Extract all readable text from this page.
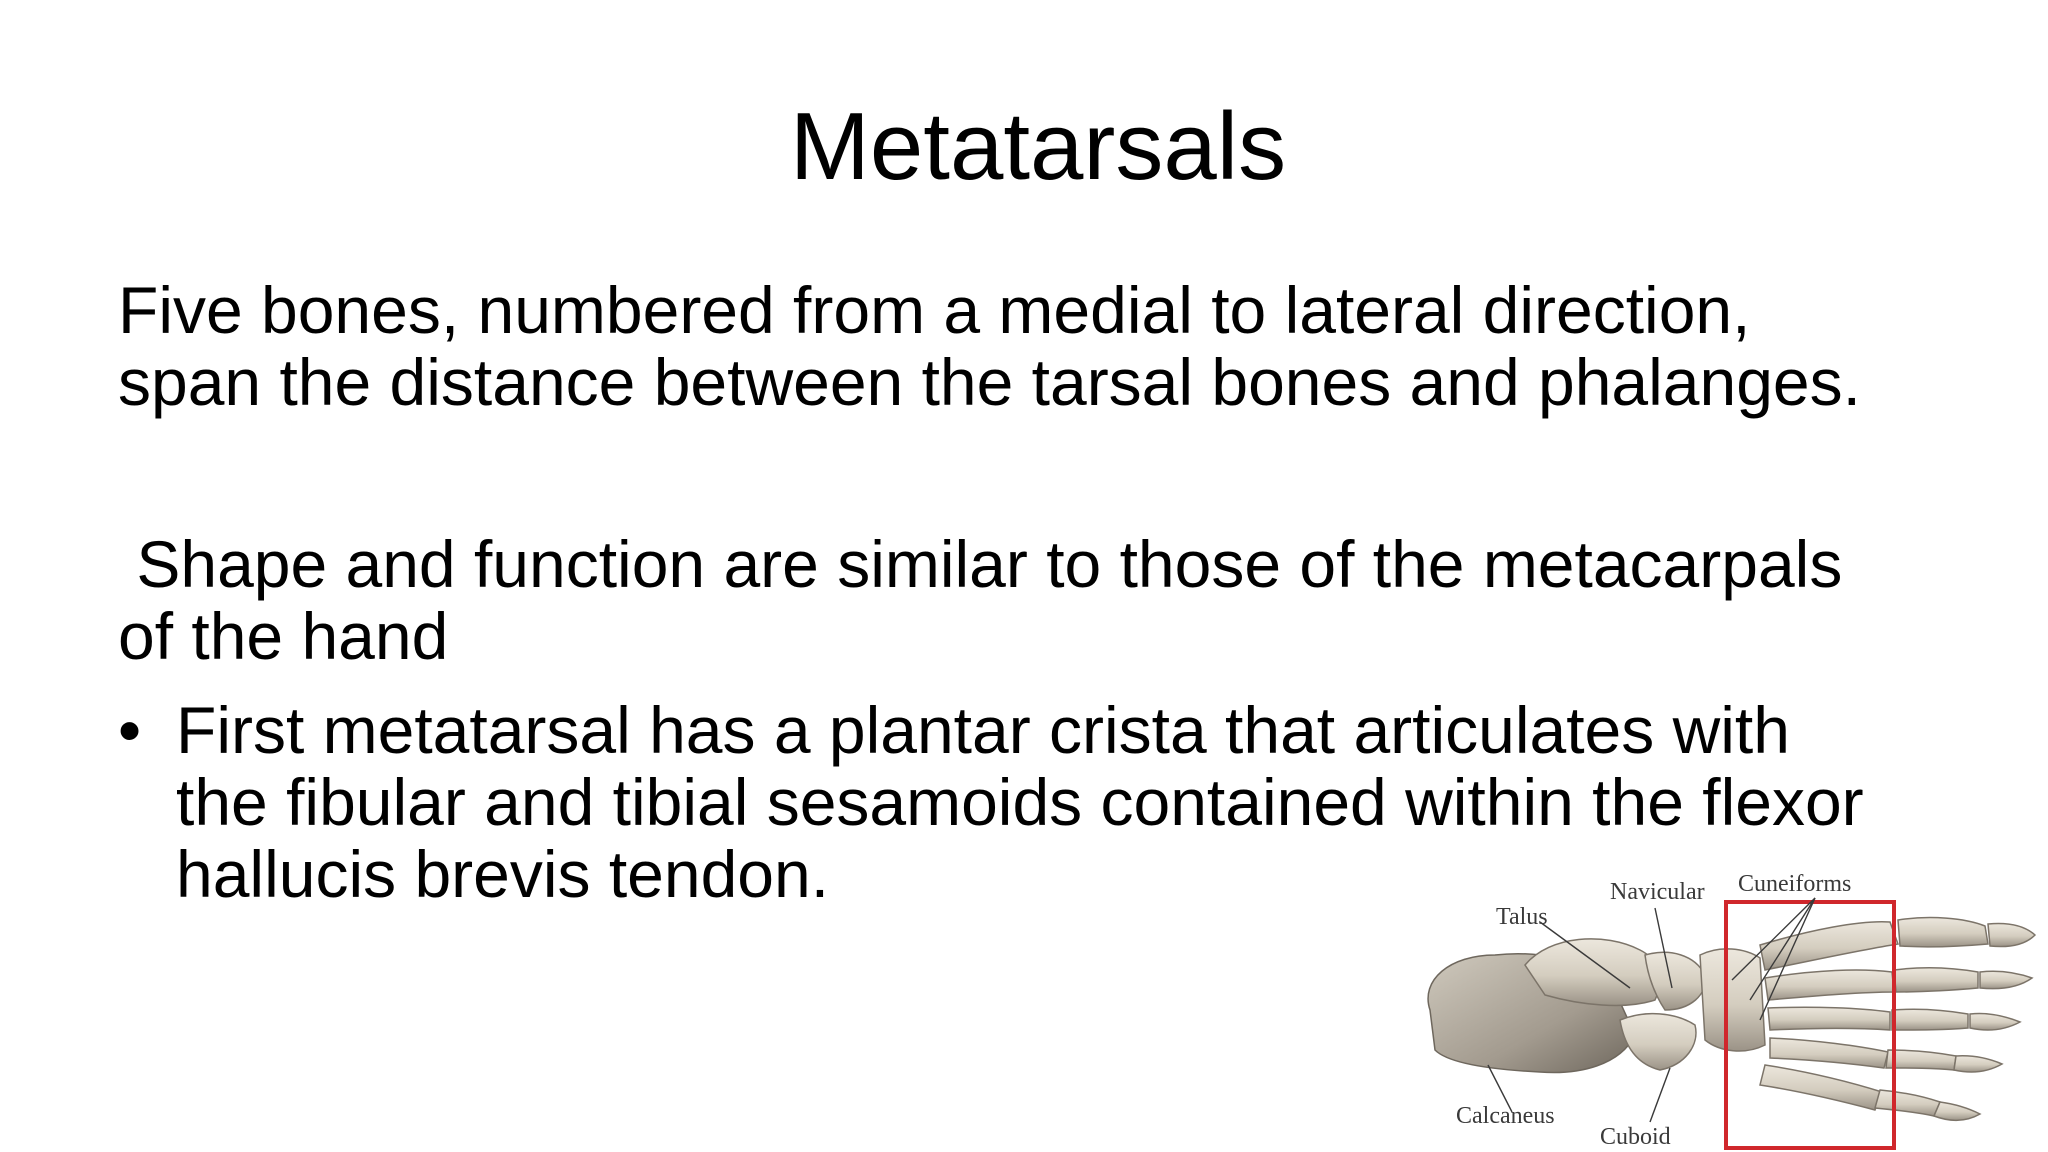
Metatarsals
Five bones, numbered from a medial to lateral direction,
span the distance between the tarsal bones and phalanges.
Shape and function are similar to those of the metacarpals
of the hand
• First metatarsal has a plantar crista that articulates with
the fibular and tibial sesamoids contained within the flexor
hallucis brevis tendon.	Navicular Cuneiforms
Talus
Calcaneus
Cuboid
